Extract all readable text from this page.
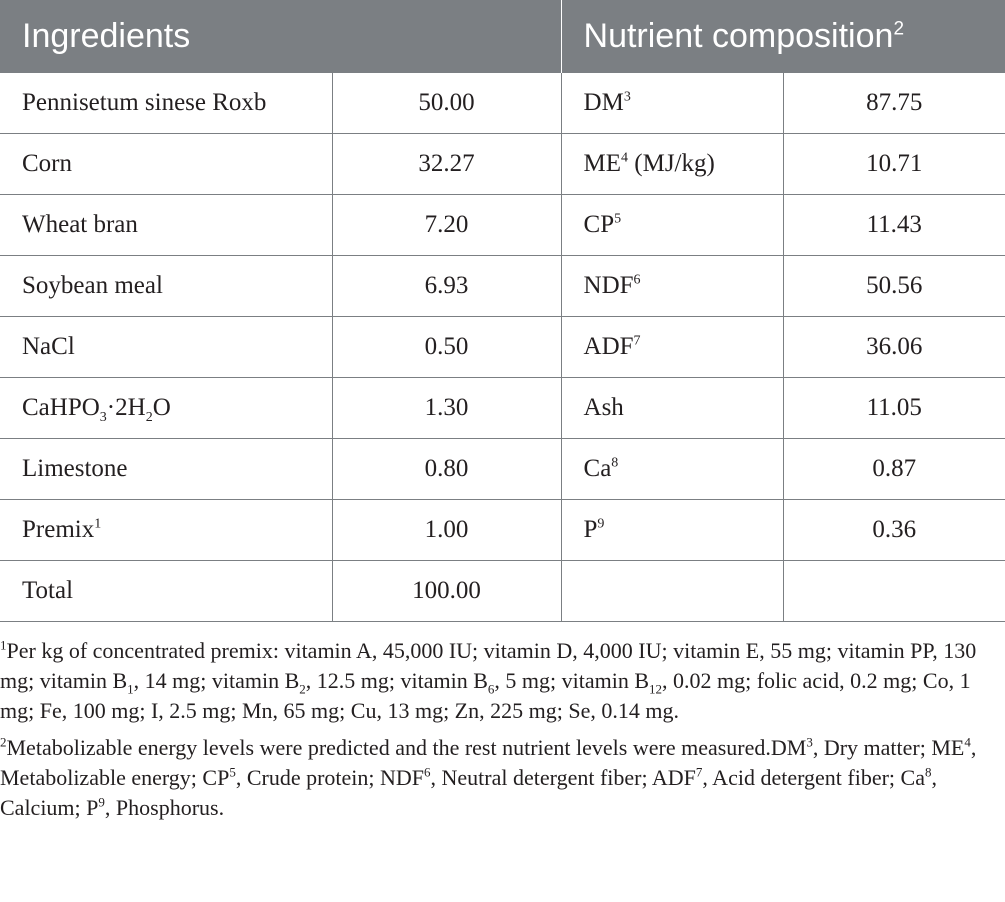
Ingredients		Nutrient composition$^2$
Pennisetum sinese Roxb	50.00	$DM^3$	87.75
Corn	32.27	$ME^4$ (MJ/kg)	10.71
Wheat bran	7.20	$CP^5$	11.43
Soybean meal	6.93	NDF$^6$	50.56
NaCl	0.50	ADF$^7$	36.06
$CaHPO_3\cdot 2H_2O$	1.30	Ash	11.05
Limestone	0.80	Ca$^8$	0.87
Premix$^1$	1.00	$P^9$	0.36
Total	100.00		

$^1$Per kg of concentrated premix: vitamin A, 45,000 IU; vitamin D, 4,000 IU; vitamin E, 55 mg; vitamin PP, 130 mg; vitamin $B_1$, 14 mg; vitamin $B_2$, 12.5 mg; vitamin $B_6$, 5 mg; vitamin $B_{12}$, 0.02 mg; folic acid, 0.2 mg; Co, 1 mg; Fe, 100 mg; I, 2.5 mg; Mn, 65 mg; Cu, 13 mg; Zn, 225 mg; Se, 0.14 mg.

$^2$Metabolizable energy levels were predicted and the rest nutrient levels were $measured.DM^3$, Dry matter; $ME^4$, Metabolizable energy; $CP^5$, Crude protein; NDF$^6$, Neutral detergent fiber; ADF$^7$, Acid detergent fiber; Ca$^8$, Calcium; $P^9$, Phosphorus.
